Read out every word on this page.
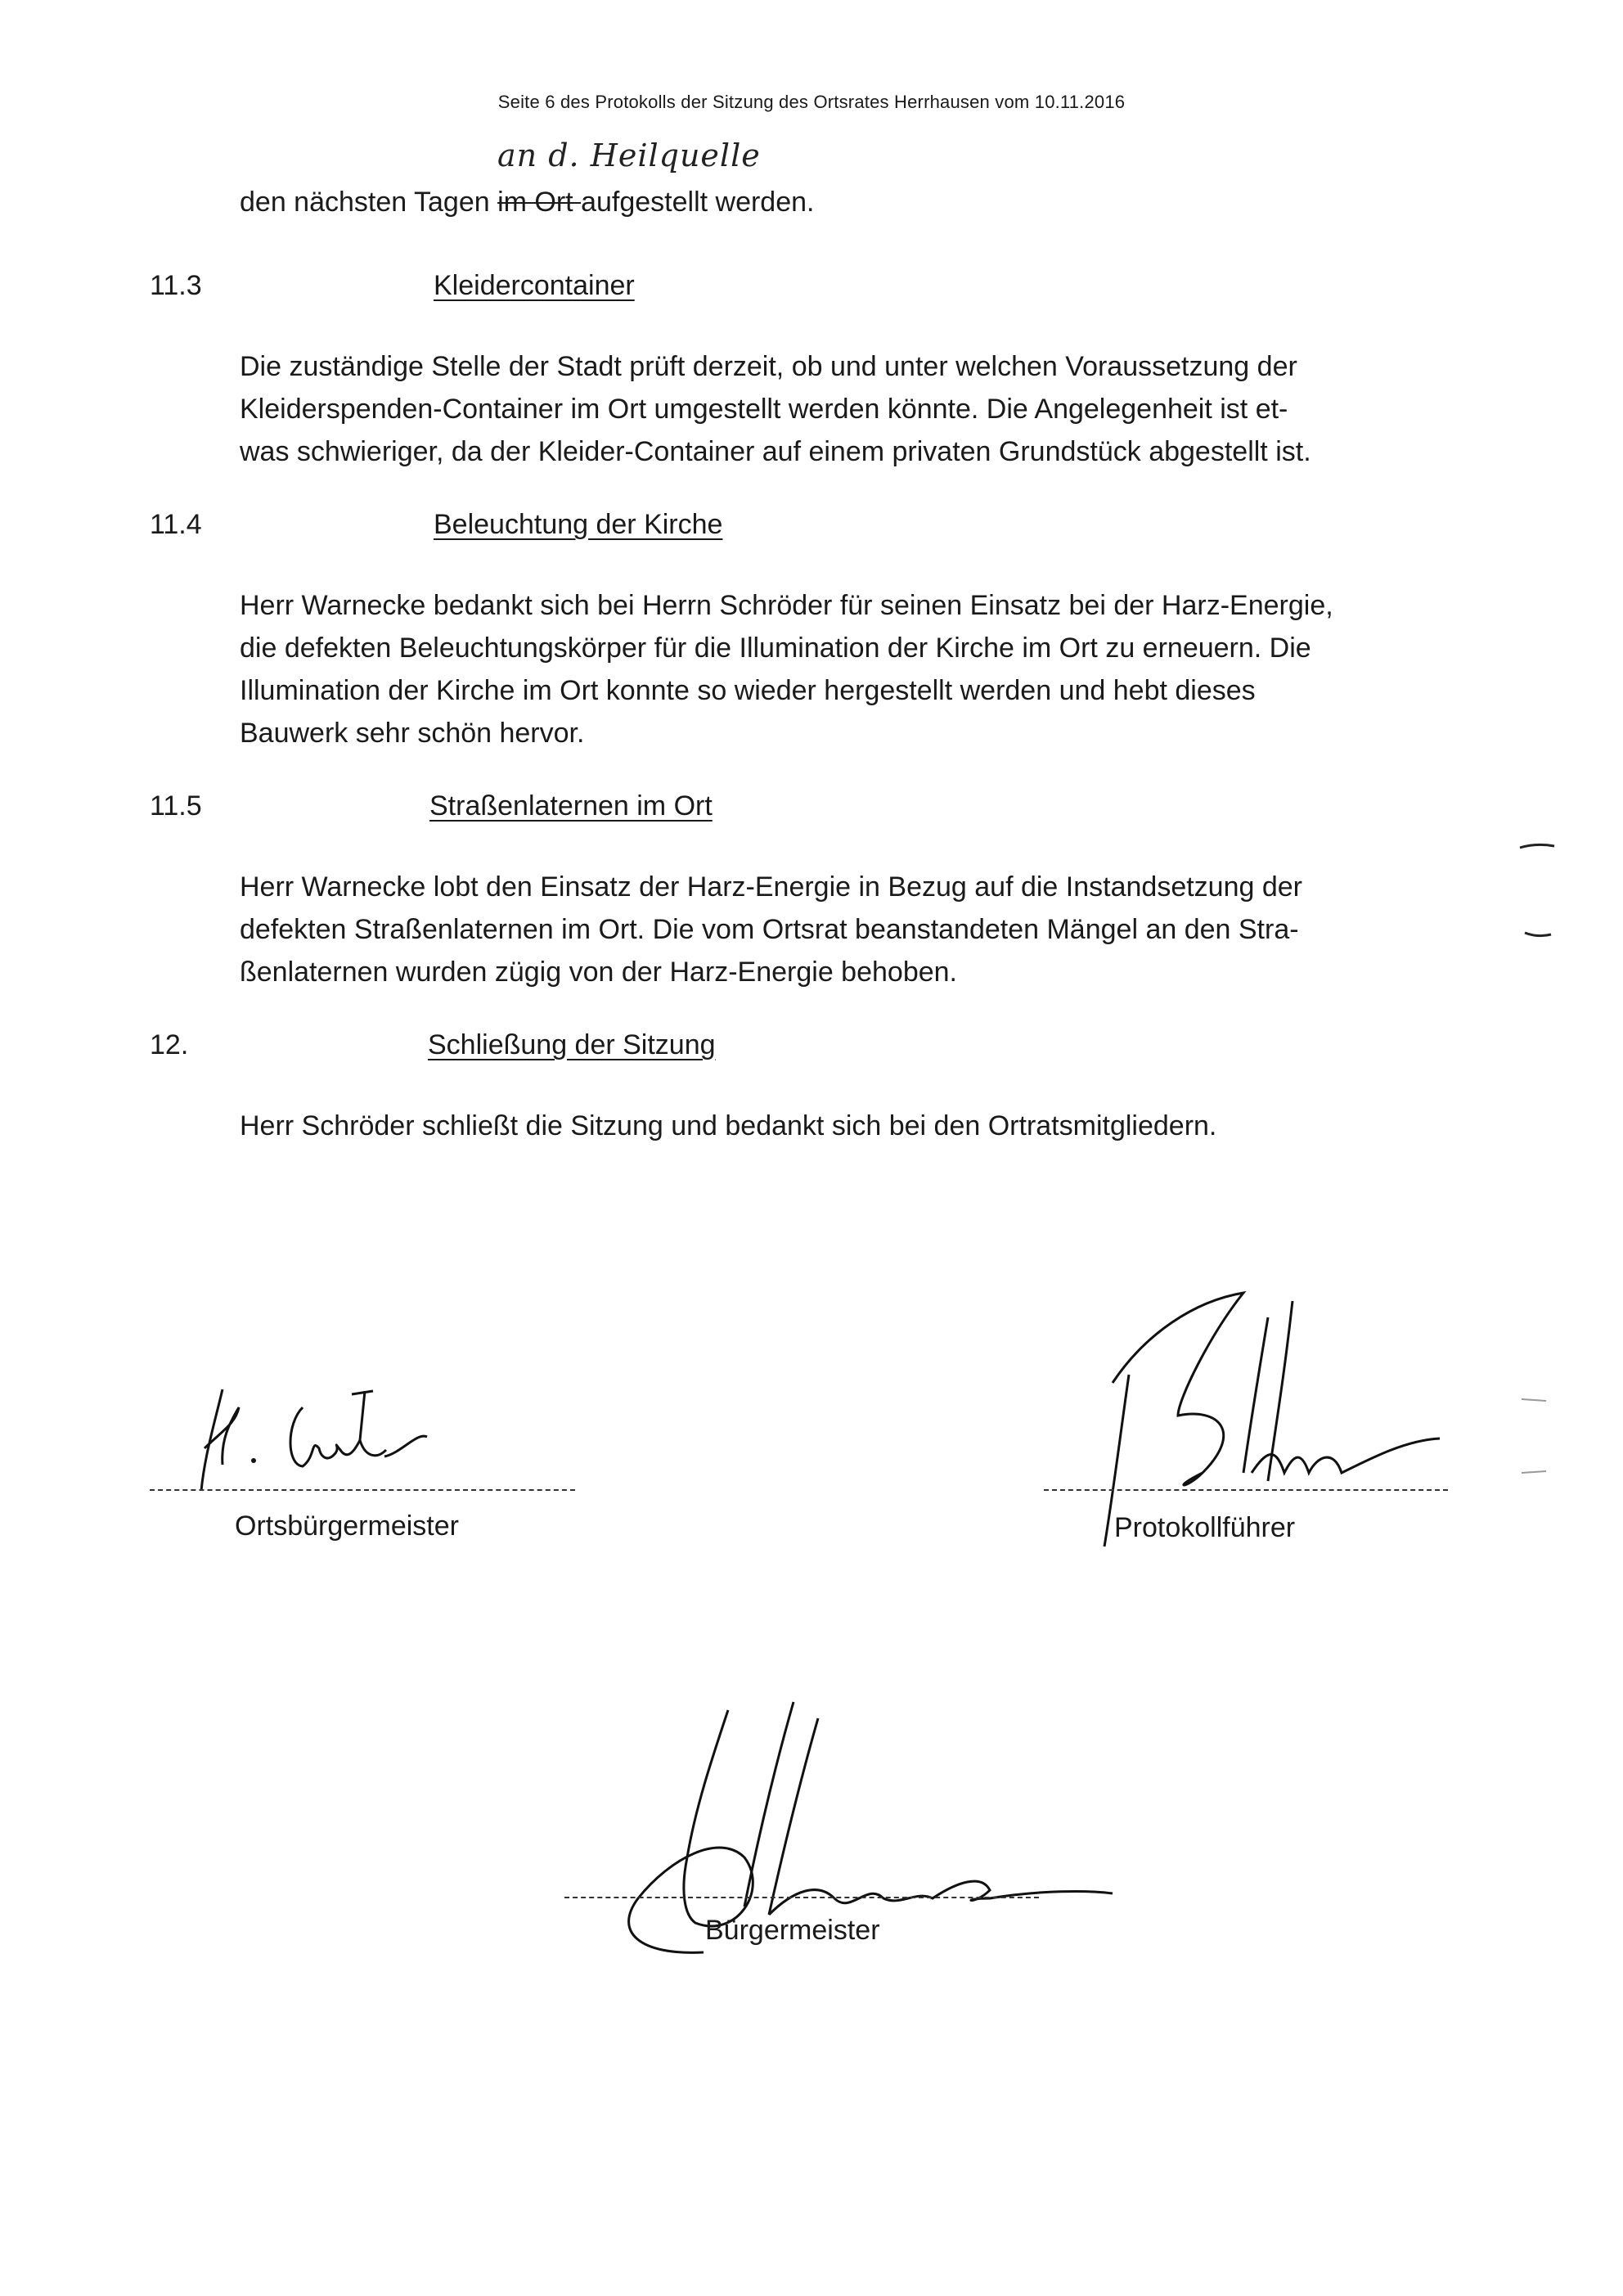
Seite 6 des Protokolls der Sitzung des Ortsrates Herrhausen vom 10.11.2016
an d. Heilquelle
den nächsten Tagen im Ort aufgestellt werden.
11.3	Kleidercontainer
Die zuständige Stelle der Stadt prüft derzeit, ob und unter welchen Voraussetzung der
Kleiderspenden-Container im Ort umgestellt werden könnte. Die Angelegenheit ist et-
was schwieriger, da der Kleider-Container auf einem privaten Grundstück abgestellt ist.
11.4	Beleuchtung der Kirche
Herr Warnecke bedankt sich bei Herrn Schröder für seinen Einsatz bei der Harz-Energie,
die defekten Beleuchtungskörper für die Illumination der Kirche im Ort zu erneuern. Die
Illumination der Kirche im Ort konnte so wieder hergestellt werden und hebt dieses
Bauwerk sehr schön hervor.
11.5	Straßenlaternen im Ort
Herr Warnecke lobt den Einsatz der Harz-Energie in Bezug auf die Instandsetzung der
defekten Straßenlaternen im Ort. Die vom Ortsrat beanstandeten Mängel an den Stra-
ßenlaternen wurden zügig von der Harz-Energie behoben.
12.	Schließung der Sitzung
Herr Schröder schließt die Sitzung und bedankt sich bei den Ortratsmitgliedern.
Ortsbürgermeister	Protokollführer
Bürgermeister
